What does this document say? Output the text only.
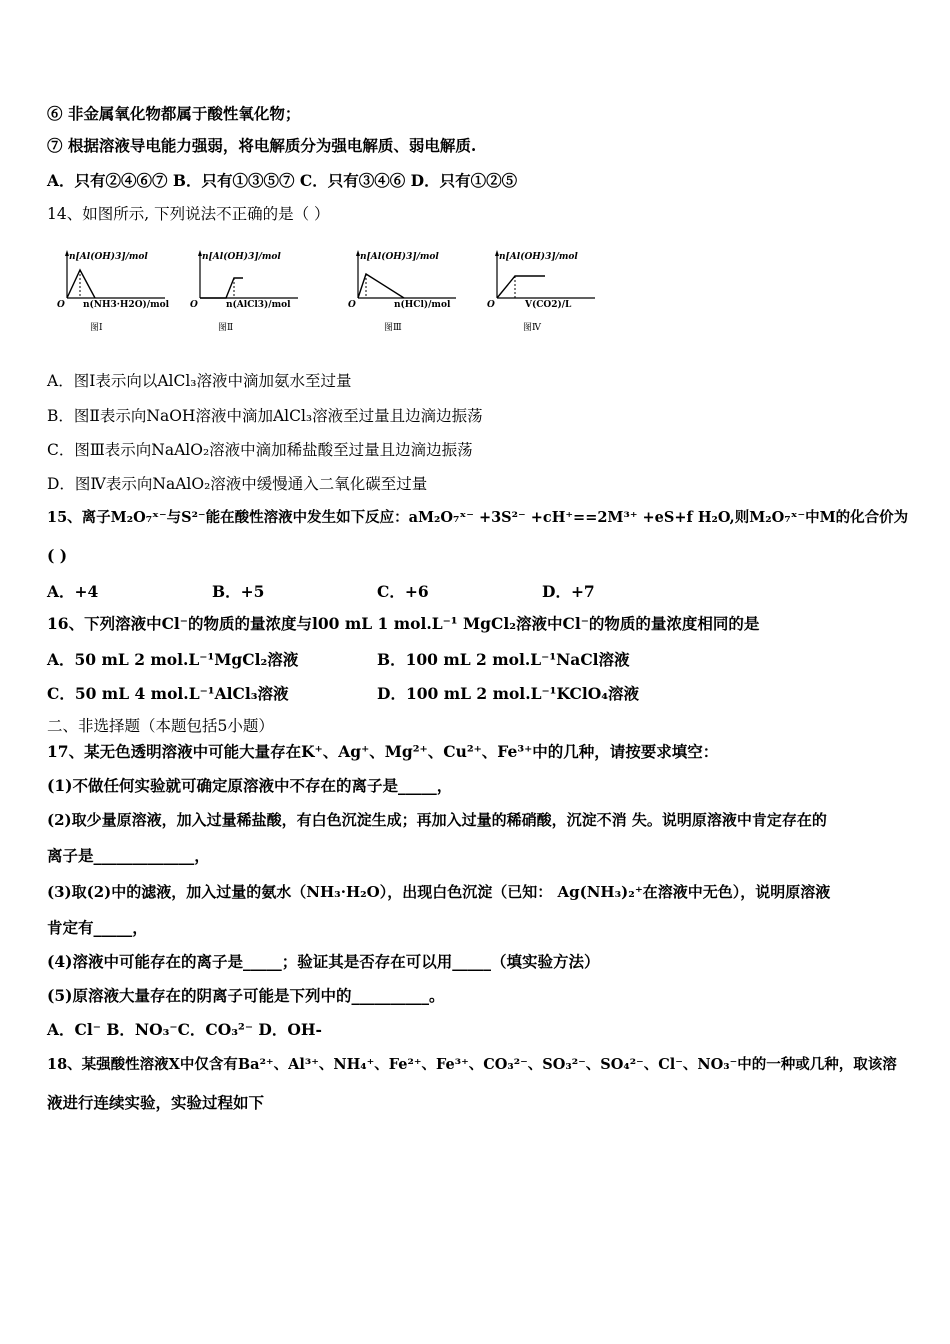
⑥ 非金属氧化物都属于酸性氧化物；
⑦ 根据溶液导电能力强弱，将电解质分为强电解质、弱电解质.
A．只有②④⑥⑦ B．只有①③⑤⑦ C．只有③④⑥ D．只有①②⑤
14、如图所示, 下列说法不正确的是（ ）
n[Al(OH)3]/mol
O n(NH3·H2O)/mol
图Ⅰ
n[Al(OH)3]/mol
O	n(AlCl3)/mol
图Ⅱ
n[Al(OH)3]/mol
O	n(HCl)/mol
图Ⅲ
n[Al(OH)3]/mol
O	V(CO2)/L
图Ⅳ
A．图Ⅰ表示向以AlCl₃溶液中滴加氨水至过量
B．图Ⅱ表示向NaOH溶液中滴加AlCl₃溶液至过量且边滴边振荡
C．图Ⅲ表示向NaAlO₂溶液中滴加稀盐酸至过量且边滴边振荡
D．图Ⅳ表示向NaAlO₂溶液中缓慢通入二氧化碳至过量
15、离子M₂O₇ˣ⁻与S²⁻能在酸性溶液中发生如下反应：aM₂O₇ˣ⁻ +3S²⁻ +cH⁺==2M³⁺ +eS+f H₂O,则M₂O₇ˣ⁻中M的化合价为
( )
A．+4	B．+5	C．+6	D．+7
16、下列溶液中Cl⁻的物质的量浓度与l00 mL 1 mol.L⁻¹ MgCl₂溶液中Cl⁻的物质的量浓度相同的是
A．50 mL 2 mol.L⁻¹MgCl₂溶液	B．100 mL 2 mol.L⁻¹NaCl溶液
C．50 mL 4 mol.L⁻¹AlCl₃溶液	D．100 mL 2 mol.L⁻¹KClO₄溶液
二、非选择题（本题包括5小题）
17、某无色透明溶液中可能大量存在K⁺、Ag⁺、Mg²⁺、Cu²⁺、Fe³⁺中的几种，请按要求填空：
(1)不做任何实验就可确定原溶液中不存在的离子是_____，
(2)取少量原溶液，加入过量稀盐酸，有白色沉淀生成；再加入过量的稀硝酸，沉淀不消 失。说明原溶液中肯定存在的
离子是_____________，
(3)取(2)中的滤液，加入过量的氨水（NH₃·H₂O），出现白色沉淀（已知： Ag(NH₃)₂⁺在溶液中无色），说明原溶液
肯定有_____，
(4)溶液中可能存在的离子是_____；验证其是否存在可以用_____（填实验方法）
(5)原溶液大量存在的阴离子可能是下列中的__________。
A．Cl⁻ B．NO₃⁻C．CO₃²⁻ D．OH-
18、某强酸性溶液X中仅含有Ba²⁺、Al³⁺、NH₄⁺、Fe²⁺、Fe³⁺、CO₃²⁻、SO₃²⁻、SO₄²⁻、Cl⁻、NO₃⁻中的一种或几种，取该溶
液进行连续实验，实验过程如下
